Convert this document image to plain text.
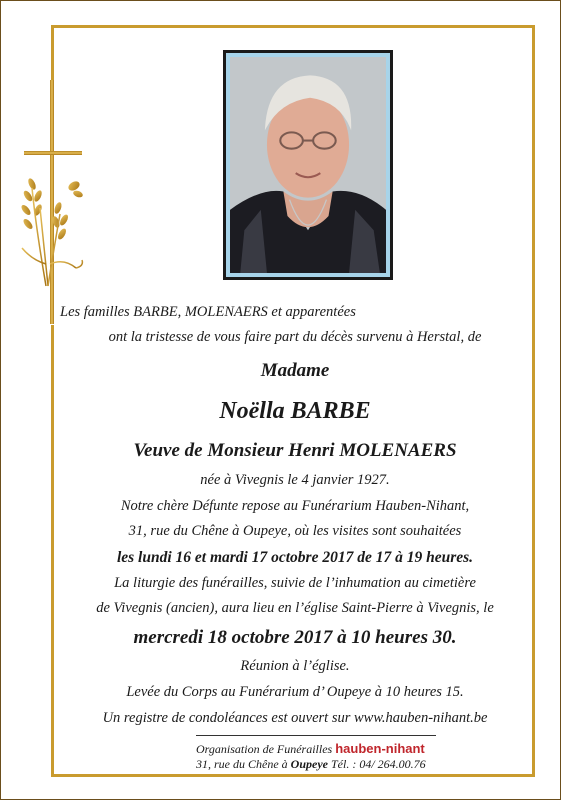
Les familles BARBE, MOLENAERS et apparentées
ont la tristesse de vous faire part du décès survenu à Herstal, de
Madame
Noëlla BARBE
Veuve de Monsieur Henri MOLENAERS
née à Vivegnis le 4 janvier 1927.
Notre chère Défunte repose au Funérarium Hauben-Nihant,
31, rue du Chêne à Oupeye, où les visites sont souhaitées
les lundi 16 et mardi 17 octobre 2017 de 17 à 19 heures.
La liturgie des funérailles, suivie de l’inhumation au cimetière
de Vivegnis (ancien), aura lieu en l’église Saint-Pierre à Vivegnis, le
mercredi 18 octobre 2017 à 10 heures 30.
Réunion à l’église.
Levée du Corps au Funérarium d’ Oupeye à 10 heures 15.
Un registre de condoléances est ouvert sur www.hauben-nihant.be
Organisation de Funérailles hauben-nihant
31, rue du Chêne à Oupeye Tél. : 04/ 264.00.76
